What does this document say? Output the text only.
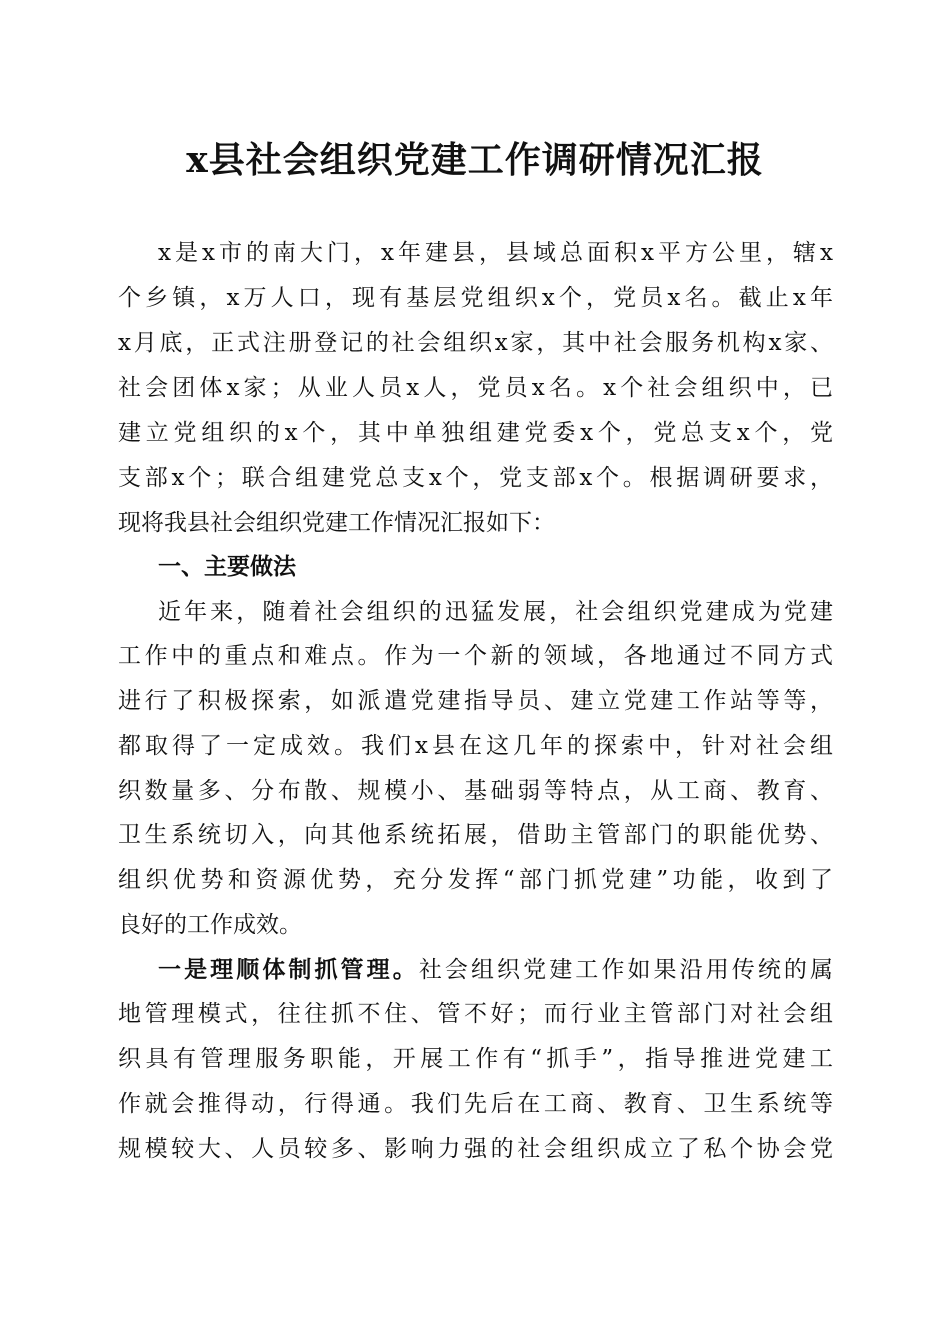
x县社会组织党建工作调研情况汇报
x是x市的南大门，x年建县，县域总面积x平方公里，辖x
个乡镇，x万人口，现有基层党组织x个，党员x名。截止x年
x月底，正式注册登记的社会组织x家，其中社会服务机构x家、
社会团体x家；从业人员x人，党员x名。x个社会组织中，已
建立党组织的x个，其中单独组建党委x个，党总支x个，党
支部x个；联合组建党总支x个，党支部x个。根据调研要求，
现将我县社会组织党建工作情况汇报如下：
一、主要做法
近年来，随着社会组织的迅猛发展，社会组织党建成为党建
工作中的重点和难点。作为一个新的领域，各地通过不同方式
进行了积极探索，如派遣党建指导员、建立党建工作站等等，
都取得了一定成效。我们x县在这几年的探索中，针对社会组
织数量多、分布散、规模小、基础弱等特点，从工商、教育、
卫生系统切入，向其他系统拓展，借助主管部门的职能优势、
组织优势和资源优势，充分发挥“部门抓党建”功能，收到了
良好的工作成效。
一是理顺体制抓管理。社会组织党建工作如果沿用传统的属
地管理模式，往往抓不住、管不好；而行业主管部门对社会组
织具有管理服务职能，开展工作有“抓手”，指导推进党建工
作就会推得动，行得通。我们先后在工商、教育、卫生系统等
规模较大、人员较多、影响力强的社会组织成立了私个协会党
